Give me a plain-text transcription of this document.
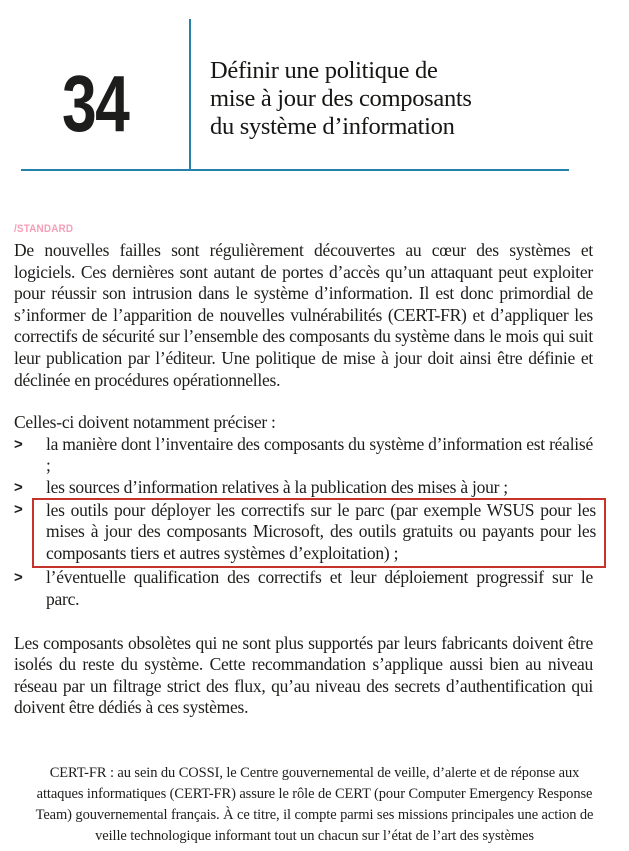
34	Définir une politique de
mise à jour des composants
du système d’information
/STANDARD

De nouvelles failles sont régulièrement découvertes au cœur des systèmes et logiciels. Ces dernières sont autant de portes d’accès qu’un attaquant peut exploiter pour réussir son intrusion dans le système d’information. Il est donc primordial de s’informer de l’apparition de nouvelles vulnérabilités (CERT-FR) et d’appliquer les correctifs de sécurité sur l’ensemble des composants du système dans le mois qui suit leur publication par l’éditeur. Une politique de mise à jour doit ainsi être définie et déclinée en procédures opérationnelles.

Celles-ci doivent notamment préciser :

>	la manière dont l’inventaire des composants du système d’information est réalisé ;
>	les sources d’information relatives à la publication des mises à jour ;
>	les outils pour déployer les correctifs sur le parc (par exemple WSUS pour les mises à jour des composants Microsoft, des outils gratuits ou payants pour les composants tiers et autres systèmes d’exploitation) ;
>	l’éventuelle qualification des correctifs et leur déploiement progressif sur le parc.

Les composants obsolètes qui ne sont plus supportés par leurs fabricants doivent être isolés du reste du système. Cette recommandation s’applique aussi bien au niveau réseau par un filtrage strict des flux, qu’au niveau des secrets d’authentification qui doivent être dédiés à ces systèmes.

CERT-FR : au sein du COSSI, le Centre gouvernemental de veille, d’alerte et de réponse aux attaques informatiques (CERT-FR) assure le rôle de CERT (pour Computer Emergency Response Team) gouvernemental français. À ce titre, il compte parmi ses missions principales une action de veille technologique informant tout un chacun sur l’état de l’art des systèmes
